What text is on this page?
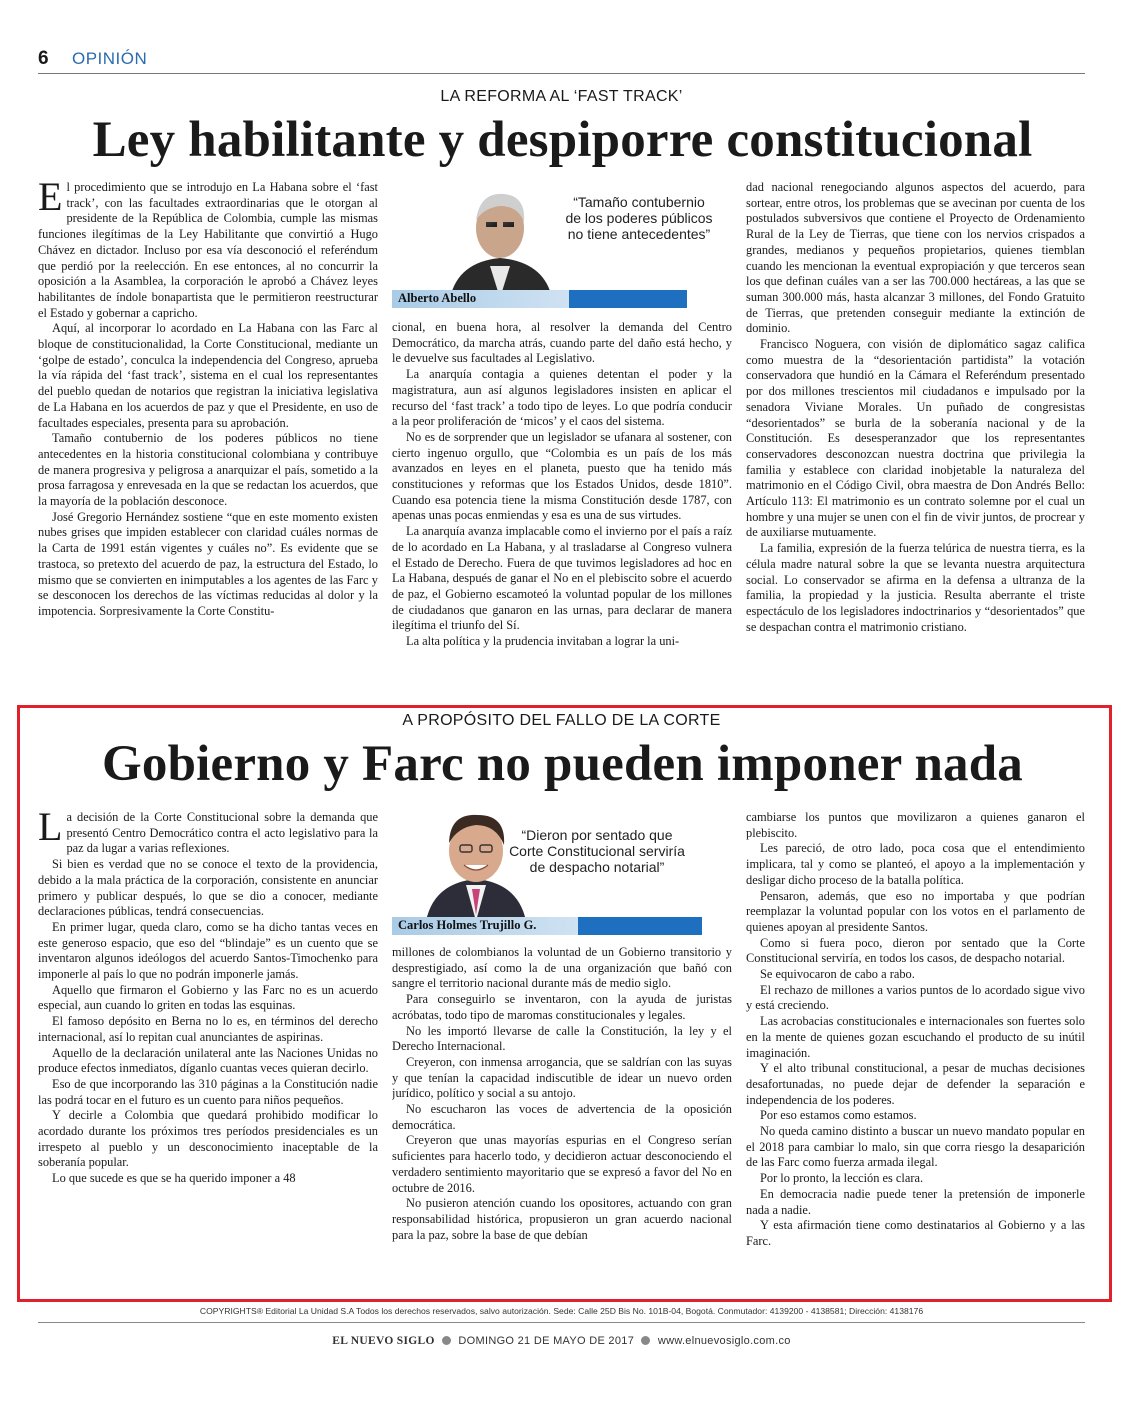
6 OPINIÓN
LA REFORMA AL ‘FAST TRACK’
Ley habilitante y despiporre constitucional

El procedimiento que se introdujo en La Habana sobre el ‘fast track’, con las facultades extraordinarias que le otorgan al presidente de la República de Colombia, cumple las mismas funciones ilegítimas de la Ley Habilitante que convirtió a Hugo Chávez en dictador. Incluso por esa vía desconoció el referéndum que perdió por la reelección. En ese entonces, al no concurrir la oposición a la Asamblea, la corporación le aprobó a Chávez leyes habilitantes de índole bonapartista que le permitieron reestructurar el Estado y gobernar a capricho.

Aquí, al incorporar lo acordado en La Habana con las Farc al bloque de constitucionalidad, la Corte Constitucional, mediante un ‘golpe de estado’, conculca la independencia del Congreso, aprueba la vía rápida del ‘fast track’, sistema en el cual los representantes del pueblo quedan de notarios que registran la iniciativa legislativa de La Habana en los acuerdos de paz y que el Presidente, en uso de facultades especiales, presenta para su aprobación.

Tamaño contubernio de los poderes públicos no tiene antecedentes en la historia constitucional colombiana y contribuye de manera progresiva y peligrosa a anarquizar el país, sometido a la prosa farragosa y enrevesada en la que se redactan los acuerdos, que la mayoría de la población desconoce.

José Gregorio Hernández sostiene “que en este momento existen nubes grises que impiden establecer con claridad cuáles normas de la Carta de 1991 están vigentes y cuáles no”. Es evidente que se trastoca, so pretexto del acuerdo de paz, la estructura del Estado, lo mismo que se convierten en inimputables a los agentes de las Farc y se desconocen los derechos de las víctimas reducidas al dolor y la impotencia. Sorpresivamente la Corte Constitu-

“Tamaño contubernio de los poderes públicos no tiene antecedentes”
Alberto Abello

cional, en buena hora, al resolver la demanda del Centro Democrático, da marcha atrás, cuando parte del daño está hecho, y le devuelve sus facultades al Legislativo.

La anarquía contagia a quienes detentan el poder y la magistratura, aun así algunos legisladores insisten en aplicar el recurso del ‘fast track’ a todo tipo de leyes. Lo que podría conducir a la peor proliferación de ‘micos’ y el caos del sistema.

No es de sorprender que un legislador se ufanara al sostener, con cierto ingenuo orgullo, que “Colombia es un país de los más avanzados en leyes en el planeta, puesto que ha tenido más constituciones y reformas que los Estados Unidos, desde 1810”. Cuando esa potencia tiene la misma Constitución desde 1787, con apenas unas pocas enmiendas y esa es una de sus virtudes.

La anarquía avanza implacable como el invierno por el país a raíz de lo acordado en La Habana, y al trasladarse al Congreso vulnera el Estado de Derecho. Fuera de que tuvimos legisladores ad hoc en La Habana, después de ganar el No en el plebiscito sobre el acuerdo de paz, el Gobierno escamoteó la voluntad popular de los millones de ciudadanos que ganaron en las urnas, para declarar de manera ilegítima el triunfo del Sí.

La alta política y la prudencia invitaban a lograr la uni-

dad nacional renegociando algunos aspectos del acuerdo, para sortear, entre otros, los problemas que se avecinan por cuenta de los postulados subversivos que contiene el Proyecto de Ordenamiento Rural de la Ley de Tierras, que tiene con los nervios crispados a grandes, medianos y pequeños propietarios, quienes tiemblan cuando les mencionan la eventual expropiación y que terceros sean los que definan cuáles van a ser las 700.000 hectáreas, a las que se suman 300.000 más, hasta alcanzar 3 millones, del Fondo Gratuito de Tierras, que pretenden conseguir mediante la extinción de dominio.

Francisco Noguera, con visión de diplomático sagaz califica como muestra de la “desorientación partidista” la votación conservadora que hundió en la Cámara el Referéndum presentado por dos millones trescientos mil ciudadanos e impulsado por la senadora Viviane Morales. Un puñado de congresistas “desorientados” se burla de la soberanía nacional y de la Constitución. Es desesperanzador que los representantes conservadores desconozcan nuestra doctrina que privilegia la familia y establece con claridad inobjetable la naturaleza del matrimonio en el Código Civil, obra maestra de Don Andrés Bello: Artículo 113: El matrimonio es un contrato solemne por el cual un hombre y una mujer se unen con el fin de vivir juntos, de procrear y de auxiliarse mutuamente.

La familia, expresión de la fuerza telúrica de nuestra tierra, es la célula madre natural sobre la que se levanta nuestra arquitectura social. Lo conservador se afirma en la defensa a ultranza de la familia, la propiedad y la justicia. Resulta aberrante el triste espectáculo de los legisladores indoctrinarios y “desorientados” que se despachan contra el matrimonio cristiano.

A PROPÓSITO DEL FALLO DE LA CORTE
Gobierno y Farc no pueden imponer nada

La decisión de la Corte Constitucional sobre la demanda que presentó Centro Democrático contra el acto legislativo para la paz da lugar a varias reflexiones.

Si bien es verdad que no se conoce el texto de la providencia, debido a la mala práctica de la corporación, consistente en anunciar primero y publicar después, lo que se dio a conocer, mediante declaraciones públicas, tendrá consecuencias.

En primer lugar, queda claro, como se ha dicho tantas veces en este generoso espacio, que eso del “blindaje” es un cuento que se inventaron algunos ideólogos del acuerdo Santos-Timochenko para imponerle al país lo que no podrán imponerle jamás.

Aquello que firmaron el Gobierno y las Farc no es un acuerdo especial, aun cuando lo griten en todas las esquinas.

El famoso depósito en Berna no lo es, en términos del derecho internacional, así lo repitan cual anunciantes de aspirinas.

Aquello de la declaración unilateral ante las Naciones Unidas no produce efectos inmediatos, díganlo cuantas veces quieran decirlo.

Eso de que incorporando las 310 páginas a la Constitución nadie las podrá tocar en el futuro es un cuento para niños pequeños.

Y decirle a Colombia que quedará prohibido modificar lo acordado durante los próximos tres períodos presidenciales es un irrespeto al pueblo y un desconocimiento inaceptable de la soberanía popular.

Lo que sucede es que se ha querido imponer a 48

“Dieron por sentado que Corte Constitucional serviría de despacho notarial”
Carlos Holmes Trujillo G.

millones de colombianos la voluntad de un Gobierno transitorio y desprestigiado, así como la de una organización que bañó con sangre el territorio nacional durante más de medio siglo.

Para conseguirlo se inventaron, con la ayuda de juristas acróbatas, todo tipo de maromas constitucionales y legales.

No les importó llevarse de calle la Constitución, la ley y el Derecho Internacional.

Creyeron, con inmensa arrogancia, que se saldrían con las suyas y que tenían la capacidad indiscutible de idear un nuevo orden jurídico, político y social a su antojo.

No escucharon las voces de advertencia de la oposición democrática.

Creyeron que unas mayorías espurias en el Congreso serían suficientes para hacerlo todo, y decidieron actuar desconociendo el verdadero sentimiento mayoritario que se expresó a favor del No en octubre de 2016.

No pusieron atención cuando los opositores, actuando con gran responsabilidad histórica, propusieron un gran acuerdo nacional para la paz, sobre la base de que debían

cambiarse los puntos que movilizaron a quienes ganaron el plebiscito.

Les pareció, de otro lado, poca cosa que el entendimiento implicara, tal y como se planteó, el apoyo a la implementación y desligar dicho proceso de la batalla política.

Pensaron, además, que eso no importaba y que podrían reemplazar la voluntad popular con los votos en el parlamento de quienes apoyan al presidente Santos.

Como si fuera poco, dieron por sentado que la Corte Constitucional serviría, en todos los casos, de despacho notarial.

Se equivocaron de cabo a rabo.

El rechazo de millones a varios puntos de lo acordado sigue vivo y está creciendo.

Las acrobacias constitucionales e internacionales son fuertes solo en la mente de quienes gozan escuchando el producto de su inútil imaginación.

Y el alto tribunal constitucional, a pesar de muchas decisiones desafortunadas, no puede dejar de defender la separación e independencia de los poderes.

Por eso estamos como estamos.

No queda camino distinto a buscar un nuevo mandato popular en el 2018 para cambiar lo malo, sin que corra riesgo la desaparición de las Farc como fuerza armada ilegal.

Por lo pronto, la lección es clara.

En democracia nadie puede tener la pretensión de imponerle nada a nadie.

Y esta afirmación tiene como destinatarios al Gobierno y a las Farc.

COPYRIGHTS® Editorial La Unidad S.A Todos los derechos reservados, salvo autorización. Sede: Calle 25D Bis No. 101B-04, Bogotá. Conmutador: 4139200 - 4138581; Dirección: 4138176
EL NUEVO SIGLO DOMINGO 21 DE MAYO DE 2017 www.elnuevosiglo.com.co
